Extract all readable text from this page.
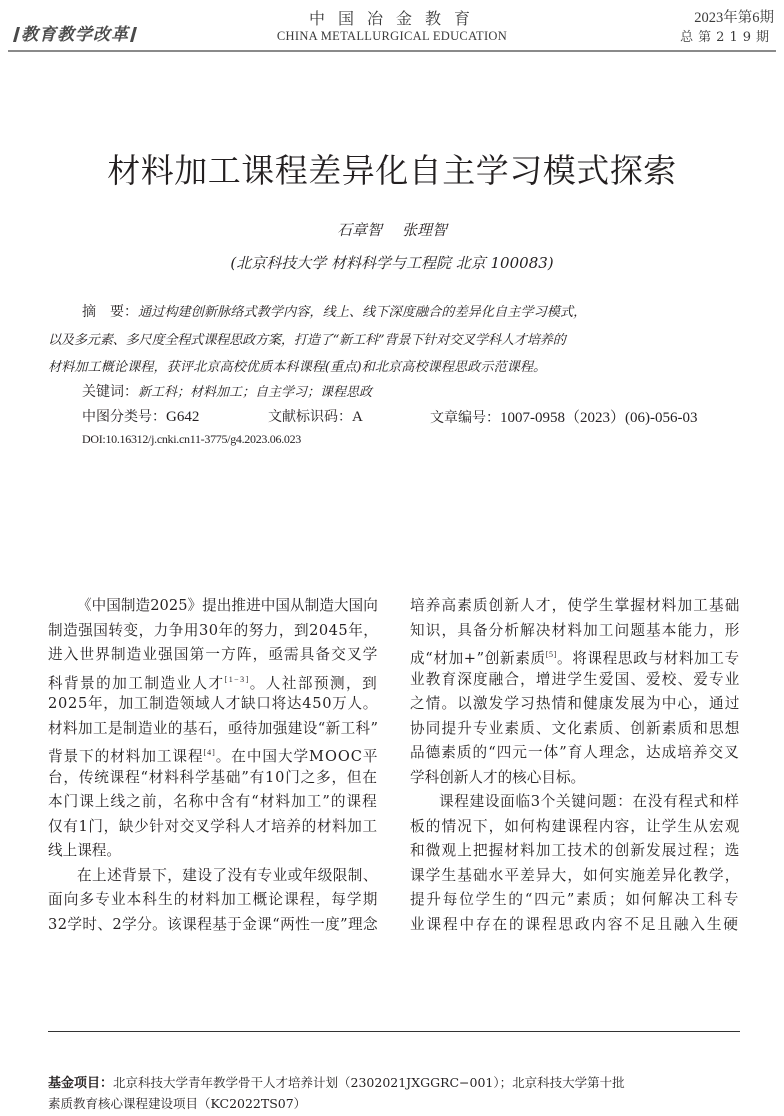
教育教学改革
中国冶金教育
CHINA METALLURGICAL EDUCATION
2023年第6期
总第219期
材料加工课程差异化自主学习模式探索
石章智 张理智
(北京科技大学 材料科学与工程院 北京 100083)
摘　要：通过构建创新脉络式教学内容，线上、线下深度融合的差异化自主学习模式，
以及多元素、多尺度全程式课程思政方案，打造了“新工科”背景下针对交叉学科人才培养的
材料加工概论课程，获评北京高校优质本科课程(重点)和北京高校课程思政示范课程。
关键词：新工科；材料加工；自主学习；课程思政
中图分类号：G642	文献标识码：A	文章编号：1007-0958（2023）(06)-056-03
DOI:10.16312/j.cnki.cn11-3775/g4.2023.06.023
《中国制造2025》提出推进中国从制造大国向
制造强国转变，力争用30年的努力，到2045年，
进入世界制造业强国第一方阵，亟需具备交叉学
科背景的加工制造业人才[1−3]。人社部预测，到
2025年，加工制造领域人才缺口将达450万人。
材料加工是制造业的基石，亟待加强建设“新工科”
背景下的材料加工课程[4]。在中国大学MOOC平
台，传统课程“材料科学基础”有10门之多，但在
本门课上线之前，名称中含有“材料加工”的课程
仅有1门，缺少针对交叉学科人才培养的材料加工
线上课程。
在上述背景下，建设了没有专业或年级限制、
面向多专业本科生的材料加工概论课程，每学期
32学时、2学分。该课程基于金课“两性一度”理念
培养高素质创新人才，使学生掌握材料加工基础
知识，具备分析解决材料加工问题基本能力，形
成“材加+”创新素质[5]。将课程思政与材料加工专
业教育深度融合，增进学生爱国、爱校、爱专业
之情。以激发学习热情和健康发展为中心，通过
协同提升专业素质、文化素质、创新素质和思想
品德素质的“四元一体”育人理念，达成培养交叉
学科创新人才的核心目标。
课程建设面临3个关键问题：在没有程式和样
板的情况下，如何构建课程内容，让学生从宏观
和微观上把握材料加工技术的创新发展过程；选
课学生基础水平差异大，如何实施差异化教学，
提升每位学生的“四元”素质；如何解决工科专
业课程中存在的课程思政内容不足且融入生硬
基金项目：北京科技大学青年教学骨干人才培养计划（2302021JXGGRC−001）；北京科技大学第十批
素质教育核心课程建设项目（KC2022TS07）
